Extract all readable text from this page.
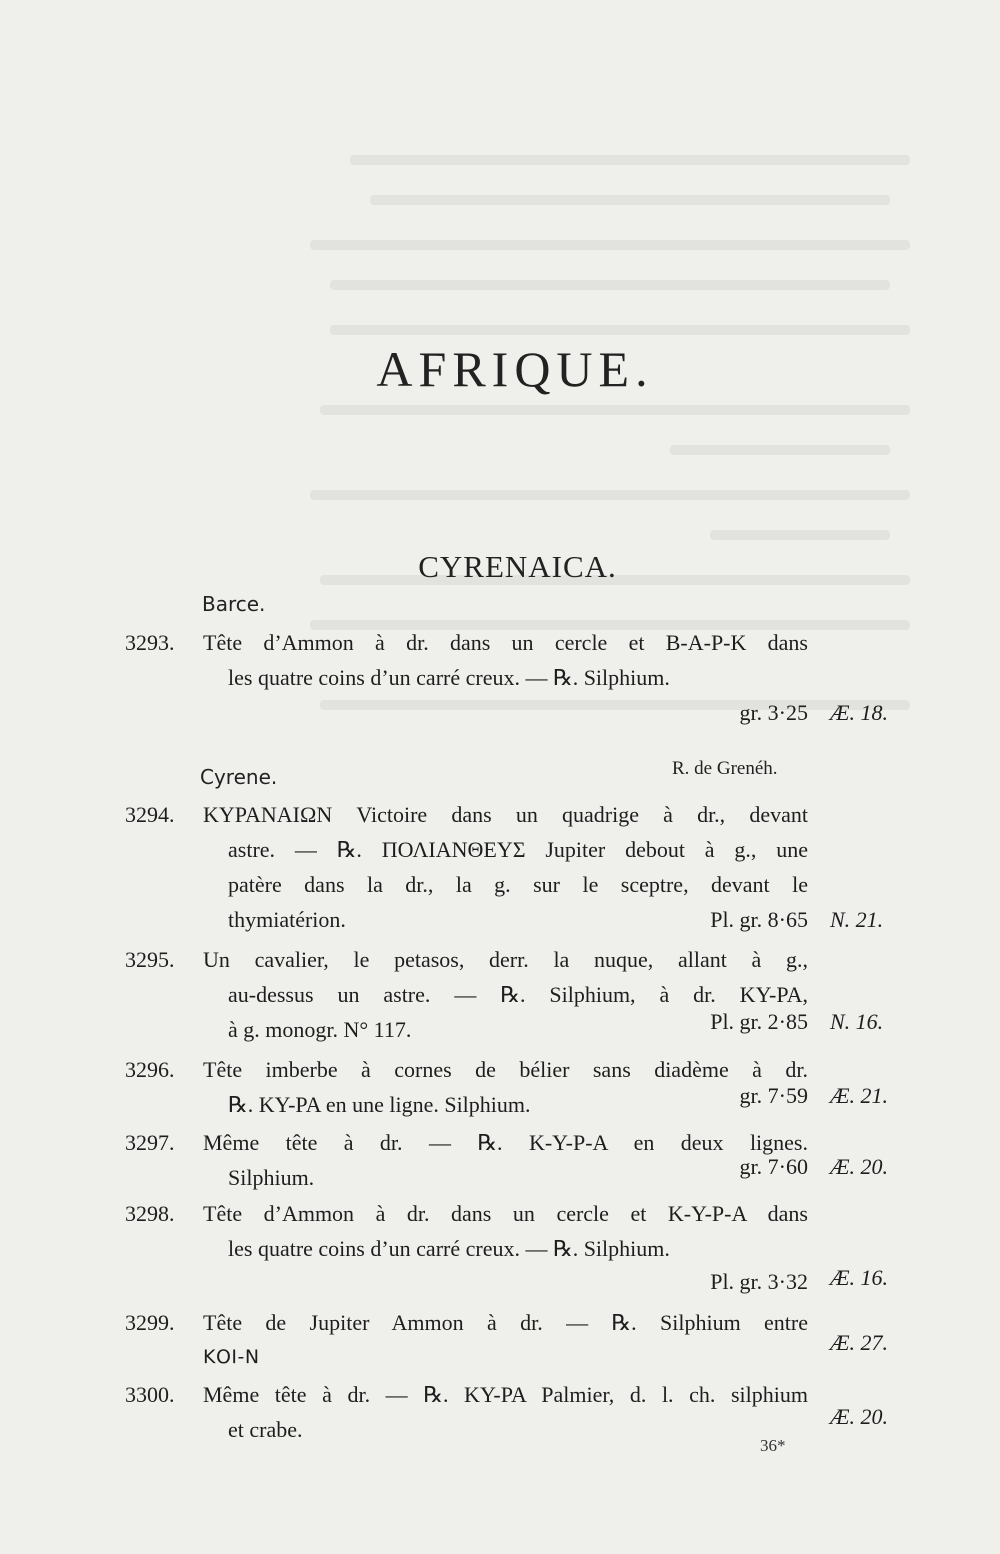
AFRIQUE.
CYRENAICA.
Barce.
3293. Tête d’Ammon à dr. dans un cercle et B-A-P-K dans
les quatre coins d’un carré creux. — ℞. Silphium.
gr. 3·25 Æ. 18.
Cyrene.	R. de Grenéh.
3294. ΚΥΡΑΝΑΙΩΝ Victoire dans un quadrige à dr., devant
astre. — ℞. ΠΟΛΙΑΝΘΕΥΣ Jupiter debout à g., une
patère dans la dr., la g. sur le sceptre, devant le
thymiatérion.	Pl. gr. 8·65 N. 21.
3295. Un cavalier, le petasos, derr. la nuque, allant à g.,
au-dessus un astre. — ℞. Silphium, à dr. ΚΥ-ΡΑ,
à g. monogr. N° 117.	Pl. gr. 2·85 N. 16.
3296. Tête imberbe à cornes de bélier sans diadème à dr.
℞. ΚΥ-ΡΑ en une ligne. Silphium.	gr. 7·59 Æ. 21.
3297. Même tête à dr. — ℞. Κ-Υ-Ρ-Α en deux lignes.
Silphium.	gr. 7·60 Æ. 20.
3298. Tête d’Ammon à dr. dans un cercle et Κ-Υ-Ρ-Α dans
les quatre coins d’un carré creux. — ℞. Silphium.
Pl. gr. 3·32 Æ. 16.
3299. Tête de Jupiter Ammon à dr. — ℞. Silphium entre
ΚΟΙ-Ν
Æ. 27.
3300. Même tête à dr. — ℞. ΚΥ-ΡΑ Palmier, d. l. ch. silphium
et crabe.
Æ. 20.
36*
